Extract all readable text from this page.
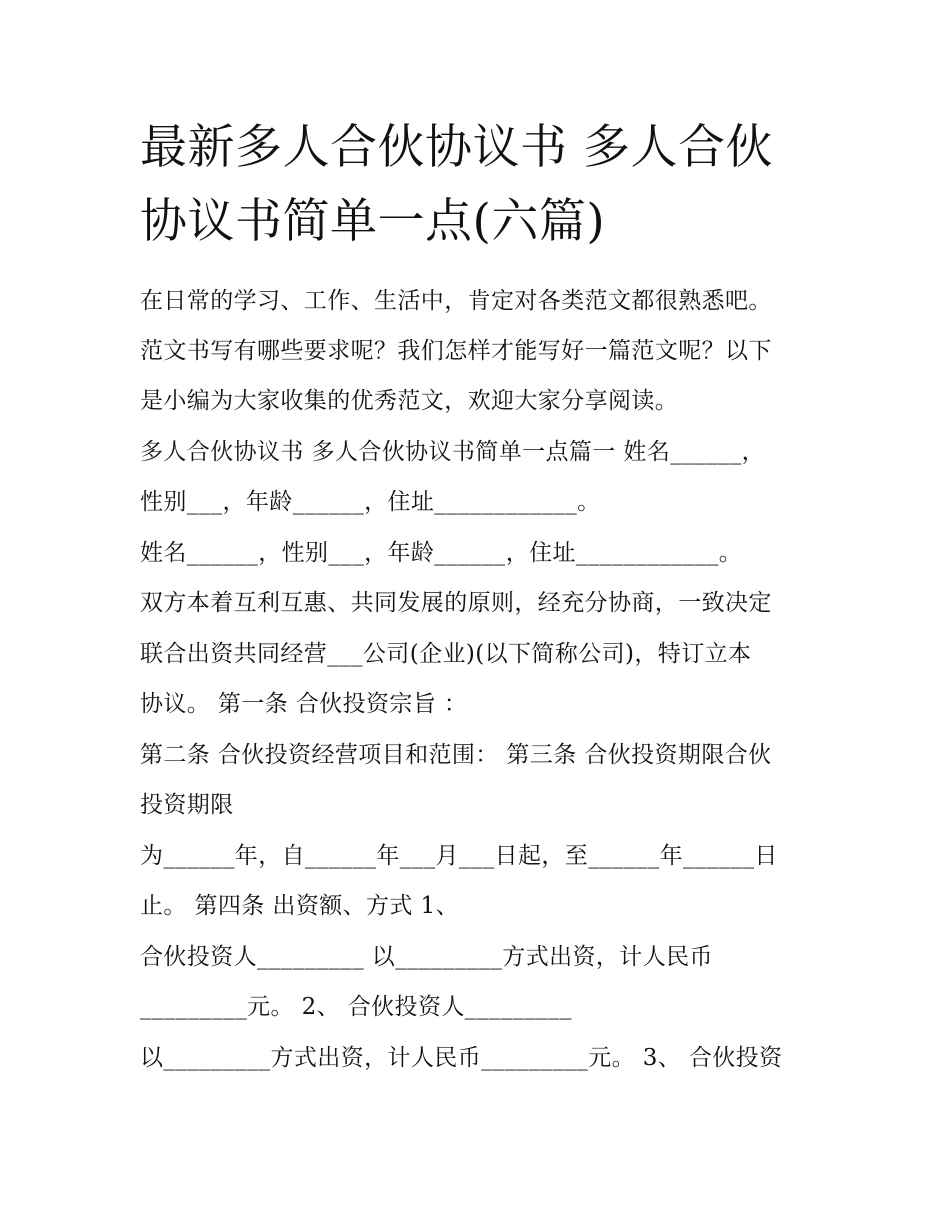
最新多人合伙协议书 多人合伙
协议书简单一点(六篇)

在日常的学习、工作、生活中，肯定对各类范文都很熟悉吧。

范文书写有哪些要求呢？我们怎样才能写好一篇范文呢？以下

是小编为大家收集的优秀范文，欢迎大家分享阅读。

多人合伙协议书 多人合伙协议书简单一点篇一 姓名______，

性别___，年龄______，住址____________。

姓名______，性别___，年龄______，住址____________。

双方本着互利互惠、共同发展的原则，经充分协商，一致决定

联合出资共同经营___公司(企业)(以下简称公司)，特订立本

协议。 第一条 合伙投资宗旨 ：

第二条 合伙投资经营项目和范围： 第三条 合伙投资期限合伙

投资期限

为______年，自______年___月___日起，至______年______日

止。 第四条 出资额、方式 1、

合伙投资人_________ 以_________方式出资，计人民币

_________元。 2、 合伙投资人_________

以_________方式出资，计人民币_________元。 3、 合伙投资
